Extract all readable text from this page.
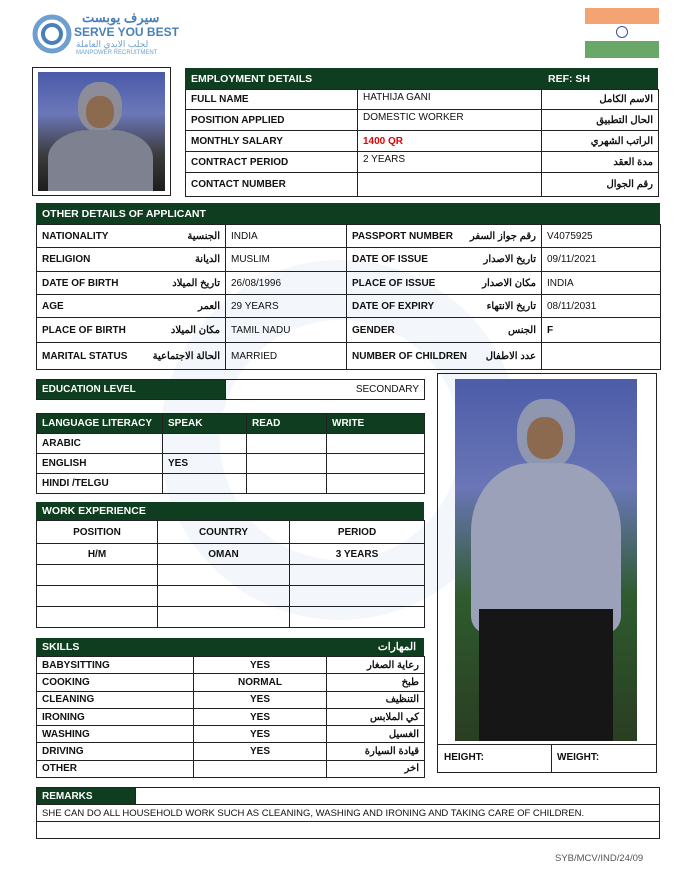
سيرف يوبست
SERVE YOU BEST
لجلب الايدي العاملة
MANPOWER RECRUITMENT
EMPLOYMENT DETAILS	REF: SH
FULL NAME	HATHIJA GANI	الاسم الكامل
POSITION APPLIED	DOMESTIC WORKER	الحال التطبيق
MONTHLY SALARY	1400 QR	الراتب الشهري
CONTRACT PERIOD	2 YEARS	مدة العقد
CONTACT NUMBER		رقم الجوال
OTHER DETAILS OF APPLICANT
NATIONALITY الجنسية	INDIA	PASSPORT NUMBER رقم جواز السفر	V4075925
RELIGION الديانة	MUSLIM	DATE OF ISSUE تاريخ الاصدار	09/11/2021
DATE OF BIRTH تاريخ الميلاد	26/08/1996	PLACE OF ISSUE مكان الاصدار	INDIA
AGE العمر	29 YEARS	DATE OF EXPIRY تاريخ الانتهاء	08/11/2031
PLACE OF BIRTH مكان الميلاد	TAMIL NADU	GENDER الجنس	F
MARITAL STATUS الحالة الاجتماعية	MARRIED	NUMBER OF CHILDREN عدد الاطفال	

EDUCATION LEVEL	SECONDARY
LANGUAGE LITERACY	SPEAK	READ	WRITE
ARABIC			
ENGLISH	YES		
HINDI /TELGU			
WORK EXPERIENCE
POSITION	COUNTRY	PERIOD
H/M	OMAN	3 YEARS

SKILLS	المهارات
BABYSITTING	YES	رعاية الصغار
COOKING	NORMAL	طبخ
CLEANING	YES	التنظيف
IRONING	YES	كي الملابس
WASHING	YES	الغسيل
DRIVING	YES	قيادة السيارة
OTHER		اخر
HEIGHT:	WEIGHT:
REMARKS	
SHE CAN DO ALL HOUSEHOLD WORK SUCH AS CLEANING, WASHING AND IRONING AND TAKING CARE OF CHILDREN.

SYB/MCV/IND/24/09
